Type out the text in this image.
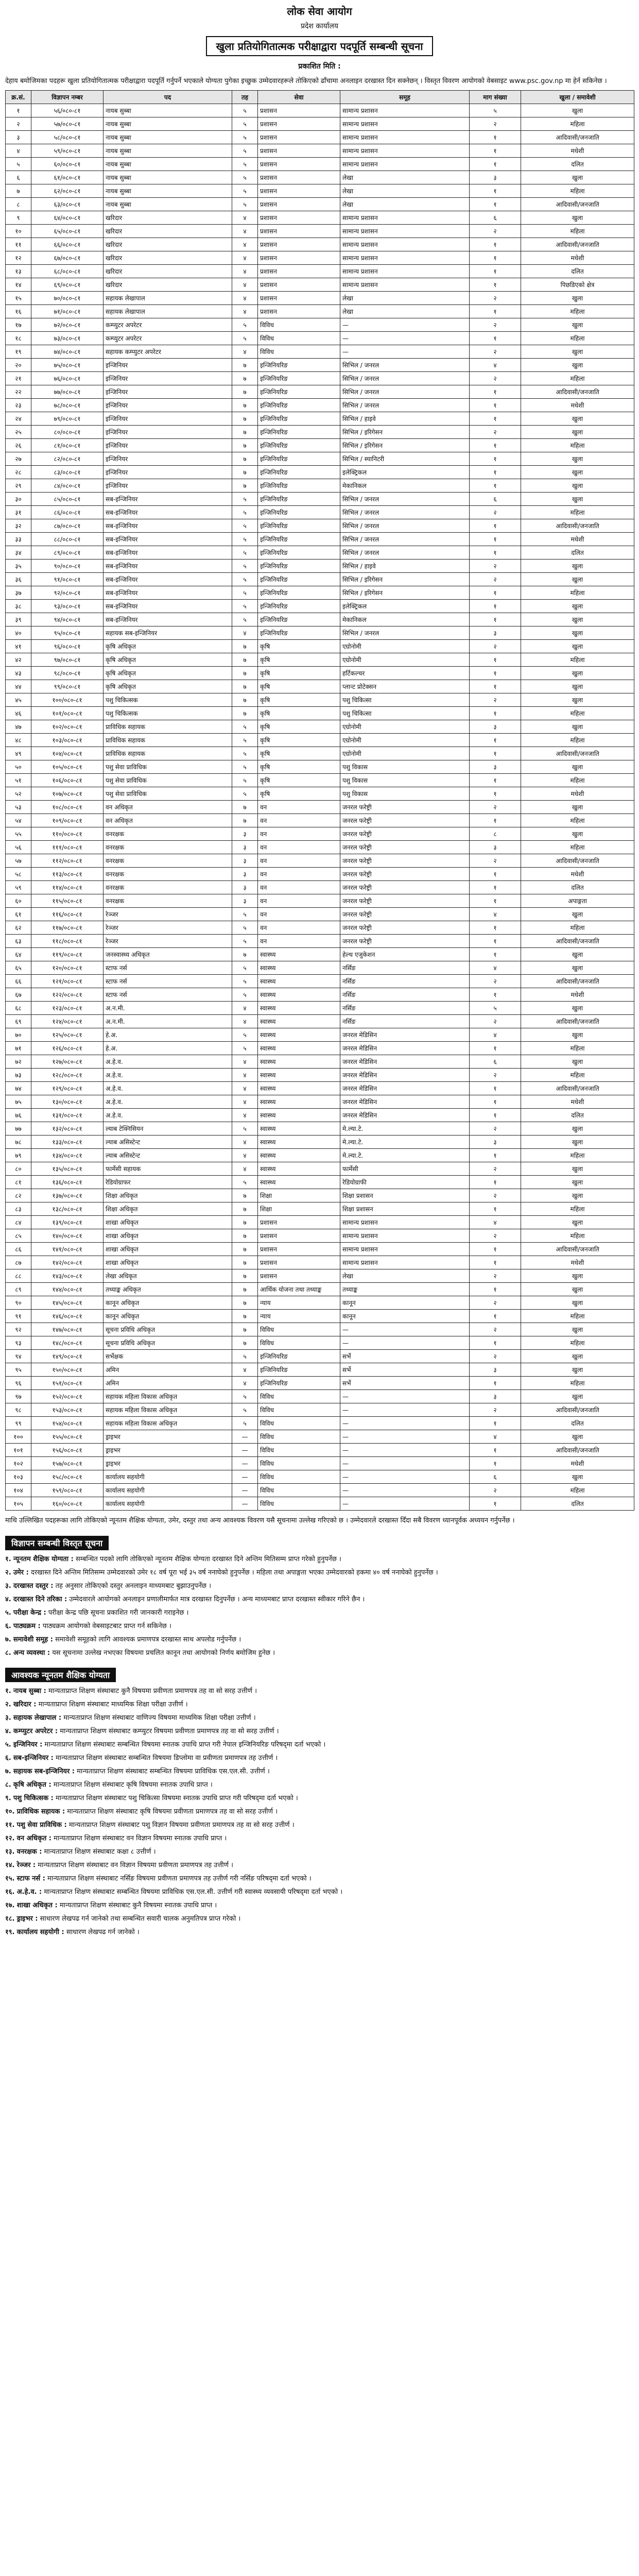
लोक सेवा आयोग

प्रदेश कार्यालय

खुला प्रतियोगितात्मक परीक्षाद्वारा पदपूर्ति सम्बन्धी सूचना
प्रकाशित मिति :

देहाय बमोजिमका पदहरू खुला प्रतियोगितात्मक परीक्षाद्वारा पदपूर्ति गर्नुपर्ने भएकाले योग्यता पुगेका इच्छुक उम्मेदवारहरूले तोकिएको ढाँचामा अनलाइन दरखास्त दिन सक्नेछन् । विस्तृत विवरण आयोगको वेबसाइट www.psc.gov.np मा हेर्न सकिनेछ ।

क्र.सं.	विज्ञापन नम्बर	पद	तह	सेवा	समूह	माग संख्या	खुला / समावेशी
१	५६/०८०-८१	नायब सुब्बा	५	प्रशासन	सामान्य प्रशासन	५	खुला
२	५७/०८०-८१	नायब सुब्बा	५	प्रशासन	सामान्य प्रशासन	२	महिला
३	५८/०८०-८१	नायब सुब्बा	५	प्रशासन	सामान्य प्रशासन	१	आदिवासी/जनजाति
४	५९/०८०-८१	नायब सुब्बा	५	प्रशासन	सामान्य प्रशासन	१	मधेशी
५	६०/०८०-८१	नायब सुब्बा	५	प्रशासन	सामान्य प्रशासन	१	दलित
६	६१/०८०-८१	नायब सुब्बा	५	प्रशासन	लेखा	३	खुला
७	६२/०८०-८१	नायब सुब्बा	५	प्रशासन	लेखा	१	महिला
८	६३/०८०-८१	नायब सुब्बा	५	प्रशासन	लेखा	१	आदिवासी/जनजाति
९	६४/०८०-८१	खरिदार	४	प्रशासन	सामान्य प्रशासन	६	खुला
१०	६५/०८०-८१	खरिदार	४	प्रशासन	सामान्य प्रशासन	२	महिला
११	६६/०८०-८१	खरिदार	४	प्रशासन	सामान्य प्रशासन	१	आदिवासी/जनजाति
१२	६७/०८०-८१	खरिदार	४	प्रशासन	सामान्य प्रशासन	१	मधेशी
१३	६८/०८०-८१	खरिदार	४	प्रशासन	सामान्य प्रशासन	१	दलित
१४	६९/०८०-८१	खरिदार	४	प्रशासन	सामान्य प्रशासन	१	पिछडिएको क्षेत्र
१५	७०/०८०-८१	सहायक लेखापाल	४	प्रशासन	लेखा	२	खुला
१६	७१/०८०-८१	सहायक लेखापाल	४	प्रशासन	लेखा	१	महिला
१७	७२/०८०-८१	कम्प्युटर अपरेटर	५	विविध	—	२	खुला
१८	७३/०८०-८१	कम्प्युटर अपरेटर	५	विविध	—	१	महिला
१९	७४/०८०-८१	सहायक कम्प्युटर अपरेटर	४	विविध	—	२	खुला
२०	७५/०८०-८१	इन्जिनियर	७	इन्जिनियरिङ	सिभिल / जनरल	४	खुला
२१	७६/०८०-८१	इन्जिनियर	७	इन्जिनियरिङ	सिभिल / जनरल	२	महिला
२२	७७/०८०-८१	इन्जिनियर	७	इन्जिनियरिङ	सिभिल / जनरल	१	आदिवासी/जनजाति
२३	७८/०८०-८१	इन्जिनियर	७	इन्जिनियरिङ	सिभिल / जनरल	१	मधेशी
२४	७९/०८०-८१	इन्जिनियर	७	इन्जिनियरिङ	सिभिल / हाइवे	१	खुला
२५	८०/०८०-८१	इन्जिनियर	७	इन्जिनियरिङ	सिभिल / इरिगेसन	२	खुला
२६	८१/०८०-८१	इन्जिनियर	७	इन्जिनियरिङ	सिभिल / इरिगेसन	१	महिला
२७	८२/०८०-८१	इन्जिनियर	७	इन्जिनियरिङ	सिभिल / स्यानिटरी	१	खुला
२८	८३/०८०-८१	इन्जिनियर	७	इन्जिनियरिङ	इलेक्ट्रिकल	१	खुला
२९	८४/०८०-८१	इन्जिनियर	७	इन्जिनियरिङ	मेकानिकल	१	खुला
३०	८५/०८०-८१	सब-इन्जिनियर	५	इन्जिनियरिङ	सिभिल / जनरल	६	खुला
३१	८६/०८०-८१	सब-इन्जिनियर	५	इन्जिनियरिङ	सिभिल / जनरल	२	महिला
३२	८७/०८०-८१	सब-इन्जिनियर	५	इन्जिनियरिङ	सिभिल / जनरल	१	आदिवासी/जनजाति
३३	८८/०८०-८१	सब-इन्जिनियर	५	इन्जिनियरिङ	सिभिल / जनरल	१	मधेशी
३४	८९/०८०-८१	सब-इन्जिनियर	५	इन्जिनियरिङ	सिभिल / जनरल	१	दलित
३५	९०/०८०-८१	सब-इन्जिनियर	५	इन्जिनियरिङ	सिभिल / हाइवे	२	खुला
३६	९१/०८०-८१	सब-इन्जिनियर	५	इन्जिनियरिङ	सिभिल / इरिगेसन	२	खुला
३७	९२/०८०-८१	सब-इन्जिनियर	५	इन्जिनियरिङ	सिभिल / इरिगेसन	१	महिला
३८	९३/०८०-८१	सब-इन्जिनियर	५	इन्जिनियरिङ	इलेक्ट्रिकल	१	खुला
३९	९४/०८०-८१	सब-इन्जिनियर	५	इन्जिनियरिङ	मेकानिकल	१	खुला
४०	९५/०८०-८१	सहायक सब-इन्जिनियर	४	इन्जिनियरिङ	सिभिल / जनरल	३	खुला
४१	९६/०८०-८१	कृषि अधिकृत	७	कृषि	एग्रोनोमी	२	खुला
४२	९७/०८०-८१	कृषि अधिकृत	७	कृषि	एग्रोनोमी	१	महिला
४३	९८/०८०-८१	कृषि अधिकृत	७	कृषि	हर्टिकल्चर	१	खुला
४४	९९/०८०-८१	कृषि अधिकृत	७	कृषि	प्लान्ट प्रोटेक्सन	१	खुला
४५	१००/०८०-८१	पशु चिकित्सक	७	कृषि	पशु चिकित्सा	२	खुला
४६	१०१/०८०-८१	पशु चिकित्सक	७	कृषि	पशु चिकित्सा	१	महिला
४७	१०२/०८०-८१	प्राविधिक सहायक	५	कृषि	एग्रोनोमी	३	खुला
४८	१०३/०८०-८१	प्राविधिक सहायक	५	कृषि	एग्रोनोमी	१	महिला
४९	१०४/०८०-८१	प्राविधिक सहायक	५	कृषि	एग्रोनोमी	१	आदिवासी/जनजाति
५०	१०५/०८०-८१	पशु सेवा प्राविधिक	५	कृषि	पशु विकास	३	खुला
५१	१०६/०८०-८१	पशु सेवा प्राविधिक	५	कृषि	पशु विकास	१	महिला
५२	१०७/०८०-८१	पशु सेवा प्राविधिक	५	कृषि	पशु विकास	१	मधेशी
५३	१०८/०८०-८१	वन अधिकृत	७	वन	जनरल फरेष्ट्री	२	खुला
५४	१०९/०८०-८१	वन अधिकृत	७	वन	जनरल फरेष्ट्री	१	महिला
५५	११०/०८०-८१	वनरक्षक	३	वन	जनरल फरेष्ट्री	८	खुला
५६	१११/०८०-८१	वनरक्षक	३	वन	जनरल फरेष्ट्री	३	महिला
५७	११२/०८०-८१	वनरक्षक	३	वन	जनरल फरेष्ट्री	२	आदिवासी/जनजाति
५८	११३/०८०-८१	वनरक्षक	३	वन	जनरल फरेष्ट्री	१	मधेशी
५९	११४/०८०-८१	वनरक्षक	३	वन	जनरल फरेष्ट्री	१	दलित
६०	११५/०८०-८१	वनरक्षक	३	वन	जनरल फरेष्ट्री	१	अपाङ्गता
६१	११६/०८०-८१	रेञ्जर	५	वन	जनरल फरेष्ट्री	४	खुला
६२	११७/०८०-८१	रेञ्जर	५	वन	जनरल फरेष्ट्री	१	महिला
६३	११८/०८०-८१	रेञ्जर	५	वन	जनरल फरेष्ट्री	१	आदिवासी/जनजाति
६४	११९/०८०-८१	जनस्वास्थ्य अधिकृत	७	स्वास्थ्य	हेल्थ एजुकेशन	१	खुला
६५	१२०/०८०-८१	स्टाफ नर्स	५	स्वास्थ्य	नर्सिङ	४	खुला
६६	१२१/०८०-८१	स्टाफ नर्स	५	स्वास्थ्य	नर्सिङ	२	आदिवासी/जनजाति
६७	१२२/०८०-८१	स्टाफ नर्स	५	स्वास्थ्य	नर्सिङ	१	मधेशी
६८	१२३/०८०-८१	अ.न.मी.	४	स्वास्थ्य	नर्सिङ	५	खुला
६९	१२४/०८०-८१	अ.न.मी.	४	स्वास्थ्य	नर्सिङ	२	आदिवासी/जनजाति
७०	१२५/०८०-८१	हे.अ.	५	स्वास्थ्य	जनरल मेडिसिन	४	खुला
७१	१२६/०८०-८१	हे.अ.	५	स्वास्थ्य	जनरल मेडिसिन	१	महिला
७२	१२७/०८०-८१	अ.हे.व.	४	स्वास्थ्य	जनरल मेडिसिन	६	खुला
७३	१२८/०८०-८१	अ.हे.व.	४	स्वास्थ्य	जनरल मेडिसिन	२	महिला
७४	१२९/०८०-८१	अ.हे.व.	४	स्वास्थ्य	जनरल मेडिसिन	१	आदिवासी/जनजाति
७५	१३०/०८०-८१	अ.हे.व.	४	स्वास्थ्य	जनरल मेडिसिन	१	मधेशी
७६	१३१/०८०-८१	अ.हे.व.	४	स्वास्थ्य	जनरल मेडिसिन	१	दलित
७७	१३२/०८०-८१	ल्याब टेक्निसियन	५	स्वास्थ्य	मे.ल्या.टे.	२	खुला
७८	१३३/०८०-८१	ल्याब असिस्टेन्ट	४	स्वास्थ्य	मे.ल्या.टे.	३	खुला
७९	१३४/०८०-८१	ल्याब असिस्टेन्ट	४	स्वास्थ्य	मे.ल्या.टे.	१	महिला
८०	१३५/०८०-८१	फार्मेसी सहायक	४	स्वास्थ्य	फार्मेसी	२	खुला
८१	१३६/०८०-८१	रेडियोग्राफर	५	स्वास्थ्य	रेडियोग्राफी	१	खुला
८२	१३७/०८०-८१	शिक्षा अधिकृत	७	शिक्षा	शिक्षा प्रशासन	२	खुला
८३	१३८/०८०-८१	शिक्षा अधिकृत	७	शिक्षा	शिक्षा प्रशासन	१	महिला
८४	१३९/०८०-८१	शाखा अधिकृत	७	प्रशासन	सामान्य प्रशासन	४	खुला
८५	१४०/०८०-८१	शाखा अधिकृत	७	प्रशासन	सामान्य प्रशासन	२	महिला
८६	१४१/०८०-८१	शाखा अधिकृत	७	प्रशासन	सामान्य प्रशासन	१	आदिवासी/जनजाति
८७	१४२/०८०-८१	शाखा अधिकृत	७	प्रशासन	सामान्य प्रशासन	१	मधेशी
८८	१४३/०८०-८१	लेखा अधिकृत	७	प्रशासन	लेखा	२	खुला
८९	१४४/०८०-८१	तथ्याङ्क अधिकृत	७	आर्थिक योजना तथा तथ्याङ्क	तथ्याङ्क	१	खुला
९०	१४५/०८०-८१	कानून अधिकृत	७	न्याय	कानून	२	खुला
९१	१४६/०८०-८१	कानून अधिकृत	७	न्याय	कानून	१	महिला
९२	१४७/०८०-८१	सूचना प्रविधि अधिकृत	७	विविध	—	२	खुला
९३	१४८/०८०-८१	सूचना प्रविधि अधिकृत	७	विविध	—	१	महिला
९४	१४९/०८०-८१	सर्भेक्षक	५	इन्जिनियरिङ	सर्भे	२	खुला
९५	१५०/०८०-८१	अमिन	४	इन्जिनियरिङ	सर्भे	३	खुला
९६	१५१/०८०-८१	अमिन	४	इन्जिनियरिङ	सर्भे	१	महिला
९७	१५२/०८०-८१	सहायक महिला विकास अधिकृत	५	विविध	—	३	खुला
९८	१५३/०८०-८१	सहायक महिला विकास अधिकृत	५	विविध	—	२	आदिवासी/जनजाति
९९	१५४/०८०-८१	सहायक महिला विकास अधिकृत	५	विविध	—	१	दलित
१००	१५५/०८०-८१	ड्राइभर	—	विविध	—	४	खुला
१०१	१५६/०८०-८१	ड्राइभर	—	विविध	—	१	आदिवासी/जनजाति
१०२	१५७/०८०-८१	ड्राइभर	—	विविध	—	१	मधेशी
१०३	१५८/०८०-८१	कार्यालय सहयोगी	—	विविध	—	६	खुला
१०४	१५९/०८०-८१	कार्यालय सहयोगी	—	विविध	—	२	महिला
१०५	१६०/०८०-८१	कार्यालय सहयोगी	—	विविध	—	१	दलित

माथि उल्लिखित पदहरूका लागि तोकिएको न्यूनतम शैक्षिक योग्यता, उमेर, दस्तुर तथा अन्य आवश्यक विवरण यसै सूचनामा उल्लेख गरिएको छ । उम्मेदवारले दरखास्त दिँदा सबै विवरण ध्यानपूर्वक अध्ययन गर्नुपर्नेछ ।

विज्ञापन सम्बन्धी विस्तृत सूचना
१. न्यूनतम शैक्षिक योग्यता : सम्बन्धित पदको लागि तोकिएको न्यूनतम शैक्षिक योग्यता दरखास्त दिने अन्तिम मितिसम्म प्राप्त गरेको हुनुपर्नेछ ।
२. उमेर : दरखास्त दिने अन्तिम मितिसम्म उम्मेदवारको उमेर १८ वर्ष पूरा भई ३५ वर्ष ननाघेको हुनुपर्नेछ । महिला तथा अपाङ्गता भएका उम्मेदवारको हकमा ४० वर्ष ननाघेको हुनुपर्नेछ ।
३. दरखास्त दस्तुर : तह अनुसार तोकिएको दस्तुर अनलाइन माध्यमबाट बुझाउनुपर्नेछ ।
४. दरखास्त दिने तरिका : उम्मेदवारले आयोगको अनलाइन प्रणालीमार्फत मात्र दरखास्त दिनुपर्नेछ । अन्य माध्यमबाट प्राप्त दरखास्त स्वीकार गरिने छैन ।
५. परीक्षा केन्द्र : परीक्षा केन्द्र पछि सूचना प्रकाशित गरी जानकारी गराइनेछ ।
६. पाठ्यक्रम : पाठ्यक्रम आयोगको वेबसाइटबाट प्राप्त गर्न सकिनेछ ।
७. समावेशी समूह : समावेशी समूहको लागि आवश्यक प्रमाणपत्र दरखास्त साथ अपलोड गर्नुपर्नेछ ।
८. अन्य व्यवस्था : यस सूचनामा उल्लेख नभएका विषयमा प्रचलित कानून तथा आयोगको निर्णय बमोजिम हुनेछ ।
आवश्यक न्यूनतम शैक्षिक योग्यता
१. नायब सुब्बा : मान्यताप्राप्त शिक्षण संस्थाबाट कुनै विषयमा प्रवीणता प्रमाणपत्र तह वा सो सरह उत्तीर्ण ।
२. खरिदार : मान्यताप्राप्त शिक्षण संस्थाबाट माध्यमिक शिक्षा परीक्षा उत्तीर्ण ।
३. सहायक लेखापाल : मान्यताप्राप्त शिक्षण संस्थाबाट वाणिज्य विषयमा माध्यमिक शिक्षा परीक्षा उत्तीर्ण ।
४. कम्प्युटर अपरेटर : मान्यताप्राप्त शिक्षण संस्थाबाट कम्प्युटर विषयमा प्रवीणता प्रमाणपत्र तह वा सो सरह उत्तीर्ण ।
५. इन्जिनियर : मान्यताप्राप्त शिक्षण संस्थाबाट सम्बन्धित विषयमा स्नातक उपाधि प्राप्त गरी नेपाल इन्जिनियरिङ परिषद्‌मा दर्ता भएको ।
६. सब-इन्जिनियर : मान्यताप्राप्त शिक्षण संस्थाबाट सम्बन्धित विषयमा डिप्लोमा वा प्रवीणता प्रमाणपत्र तह उत्तीर्ण ।
७. सहायक सब-इन्जिनियर : मान्यताप्राप्त शिक्षण संस्थाबाट सम्बन्धित विषयमा प्राविधिक एस.एल.सी. उत्तीर्ण ।
८. कृषि अधिकृत : मान्यताप्राप्त शिक्षण संस्थाबाट कृषि विषयमा स्नातक उपाधि प्राप्त ।
९. पशु चिकित्सक : मान्यताप्राप्त शिक्षण संस्थाबाट पशु चिकित्सा विषयमा स्नातक उपाधि प्राप्त गरी परिषद्‌मा दर्ता भएको ।
१०. प्राविधिक सहायक : मान्यताप्राप्त शिक्षण संस्थाबाट कृषि विषयमा प्रवीणता प्रमाणपत्र तह वा सो सरह उत्तीर्ण ।
११. पशु सेवा प्राविधिक : मान्यताप्राप्त शिक्षण संस्थाबाट पशु विज्ञान विषयमा प्रवीणता प्रमाणपत्र तह वा सो सरह उत्तीर्ण ।
१२. वन अधिकृत : मान्यताप्राप्त शिक्षण संस्थाबाट वन विज्ञान विषयमा स्नातक उपाधि प्राप्त ।
१३. वनरक्षक : मान्यताप्राप्त शिक्षण संस्थाबाट कक्षा ८ उत्तीर्ण ।
१४. रेञ्जर : मान्यताप्राप्त शिक्षण संस्थाबाट वन विज्ञान विषयमा प्रवीणता प्रमाणपत्र तह उत्तीर्ण ।
१५. स्टाफ नर्स : मान्यताप्राप्त शिक्षण संस्थाबाट नर्सिङ विषयमा प्रवीणता प्रमाणपत्र तह उत्तीर्ण गरी नर्सिङ परिषद्‌मा दर्ता भएको ।
१६. अ.हे.व. : मान्यताप्राप्त शिक्षण संस्थाबाट सम्बन्धित विषयमा प्राविधिक एस.एल.सी. उत्तीर्ण गरी स्वास्थ्य व्यवसायी परिषद्‌मा दर्ता भएको ।
१७. शाखा अधिकृत : मान्यताप्राप्त शिक्षण संस्थाबाट कुनै विषयमा स्नातक उपाधि प्राप्त ।
१८. ड्राइभर : साधारण लेखपढ गर्न जानेको तथा सम्बन्धित सवारी चालक अनुमतिपत्र प्राप्त गरेको ।
१९. कार्यालय सहयोगी : साधारण लेखपढ गर्न जानेको ।
